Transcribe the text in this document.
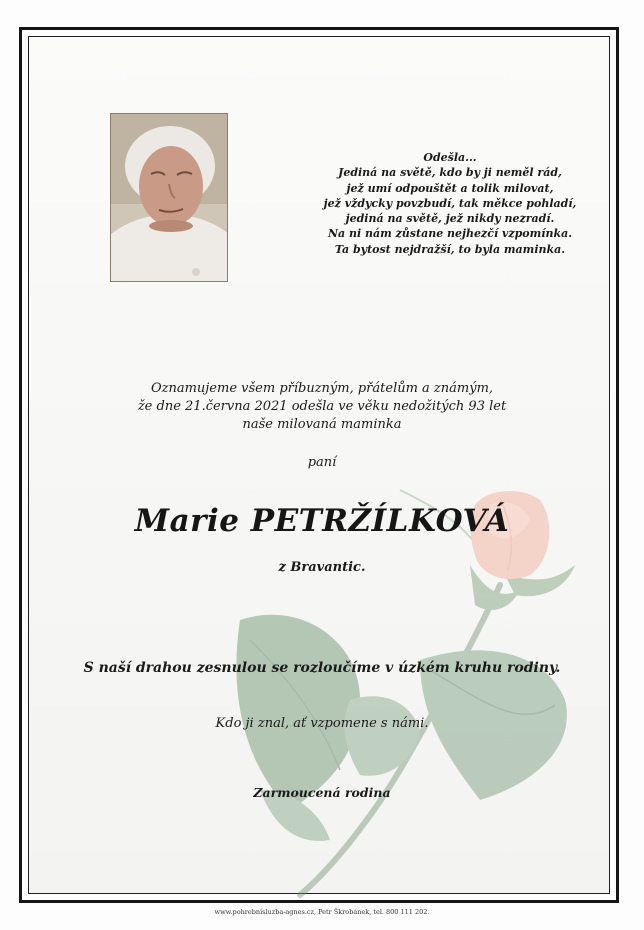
Odešla...
Jediná na světě, kdo by ji neměl rád,
jež umí odpouštět a tolik milovat,
jež vždycky povzbudí, tak měkce pohladí,
jediná na světě, jež nikdy nezradí.
Na ni nám zůstane nejhezčí vzpomínka.
Ta bytost nejdražší, to byla maminka.
Oznamujeme všem příbuzným, přátelům a známým,
že dne 21.června 2021 odešla ve věku nedožitých 93 let
naše milovaná maminka
paní
Marie PETRŽÍLKOVÁ
z Bravantic.
S naší drahou zesnulou se rozloučíme v úzkém kruhu rodiny.
Kdo ji znal, ať vzpomene s námi.
Zarmoucená rodina
www.pohrebnisluzba-agnes.cz, Petr Škrobánek, tel. 800 111 202.
